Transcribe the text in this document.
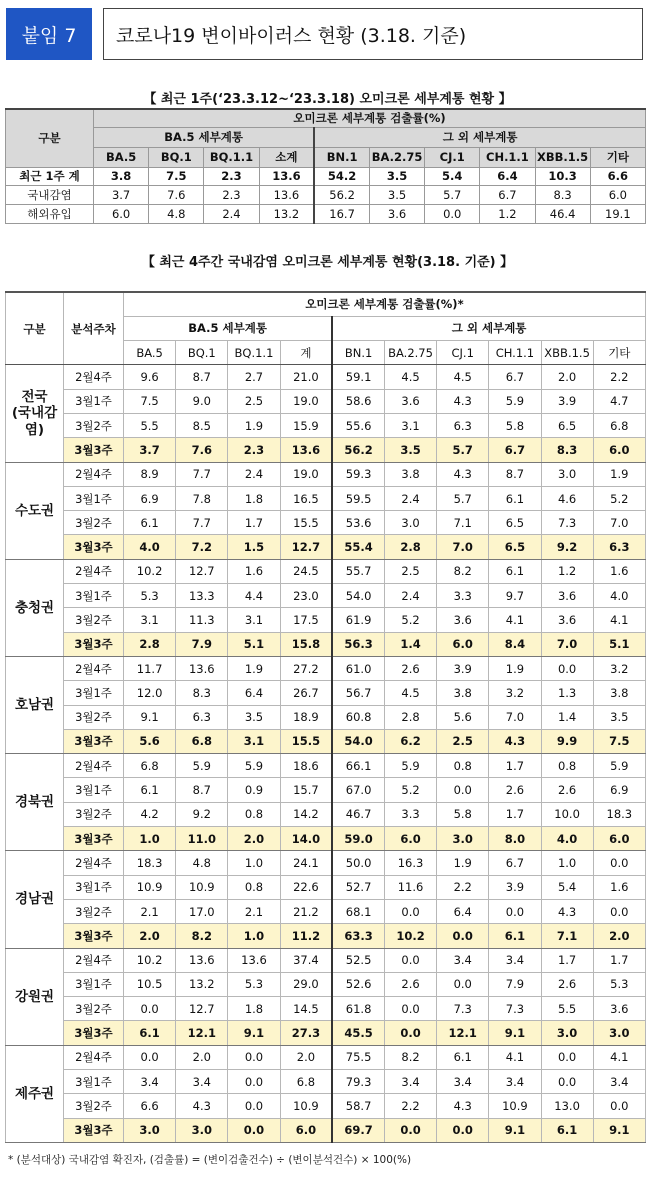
붙임 7	코로나19 변이바이러스 현황 (3.18. 기준)
【 최근 1주(‘23.3.12~‘23.3.18) 오미크론 세부계통 현황 】
구분	오미크론 세부계통 검출률(%)									
	BA.5 세부계통				그 외 세부계통					
	BA.5	BQ.1	BQ.1.1	소계	BN.1	BA.2.75	CJ.1	CH.1.1	XBB.1.5	기타
최근 1주 계	3.8	7.5	2.3	13.6	54.2	3.5	5.4	6.4	10.3	6.6
국내감염	3.7	7.6	2.3	13.6	56.2	3.5	5.7	6.7	8.3	6.0
해외유입	6.0	4.8	2.4	13.2	16.7	3.6	0.0	1.2	46.4	19.1
【 최근 4주간 국내감염 오미크론 세부계통 현황(3.18. 기준) 】
구분	분석주차	오미크론 세부계통 검출률(%)*									
		BA.5 세부계통				그 외 세부계통					
		BA.5	BQ.1	BQ.1.1	계	BN.1	BA.2.75	CJ.1	CH.1.1	XBB.1.5	기타
전국
(국내감염)	2월4주	9.6	8.7	2.7	21.0	59.1	4.5	4.5	6.7	2.0	2.2
	3월1주	7.5	9.0	2.5	19.0	58.6	3.6	4.3	5.9	3.9	4.7
	3월2주	5.5	8.5	1.9	15.9	55.6	3.1	6.3	5.8	6.5	6.8
	3월3주	3.7	7.6	2.3	13.6	56.2	3.5	5.7	6.7	8.3	6.0
수도권	2월4주	8.9	7.7	2.4	19.0	59.3	3.8	4.3	8.7	3.0	1.9
	3월1주	6.9	7.8	1.8	16.5	59.5	2.4	5.7	6.1	4.6	5.2
	3월2주	6.1	7.7	1.7	15.5	53.6	3.0	7.1	6.5	7.3	7.0
	3월3주	4.0	7.2	1.5	12.7	55.4	2.8	7.0	6.5	9.2	6.3
충청권	2월4주	10.2	12.7	1.6	24.5	55.7	2.5	8.2	6.1	1.2	1.6
	3월1주	5.3	13.3	4.4	23.0	54.0	2.4	3.3	9.7	3.6	4.0
	3월2주	3.1	11.3	3.1	17.5	61.9	5.2	3.6	4.1	3.6	4.1
	3월3주	2.8	7.9	5.1	15.8	56.3	1.4	6.0	8.4	7.0	5.1
호남권	2월4주	11.7	13.6	1.9	27.2	61.0	2.6	3.9	1.9	0.0	3.2
	3월1주	12.0	8.3	6.4	26.7	56.7	4.5	3.8	3.2	1.3	3.8
	3월2주	9.1	6.3	3.5	18.9	60.8	2.8	5.6	7.0	1.4	3.5
	3월3주	5.6	6.8	3.1	15.5	54.0	6.2	2.5	4.3	9.9	7.5
경북권	2월4주	6.8	5.9	5.9	18.6	66.1	5.9	0.8	1.7	0.8	5.9
	3월1주	6.1	8.7	0.9	15.7	67.0	5.2	0.0	2.6	2.6	6.9
	3월2주	4.2	9.2	0.8	14.2	46.7	3.3	5.8	1.7	10.0	18.3
	3월3주	1.0	11.0	2.0	14.0	59.0	6.0	3.0	8.0	4.0	6.0
경남권	2월4주	18.3	4.8	1.0	24.1	50.0	16.3	1.9	6.7	1.0	0.0
	3월1주	10.9	10.9	0.8	22.6	52.7	11.6	2.2	3.9	5.4	1.6
	3월2주	2.1	17.0	2.1	21.2	68.1	0.0	6.4	0.0	4.3	0.0
	3월3주	2.0	8.2	1.0	11.2	63.3	10.2	0.0	6.1	7.1	2.0
강원권	2월4주	10.2	13.6	13.6	37.4	52.5	0.0	3.4	3.4	1.7	1.7
	3월1주	10.5	13.2	5.3	29.0	52.6	2.6	0.0	7.9	2.6	5.3
	3월2주	0.0	12.7	1.8	14.5	61.8	0.0	7.3	7.3	5.5	3.6
	3월3주	6.1	12.1	9.1	27.3	45.5	0.0	12.1	9.1	3.0	3.0
제주권	2월4주	0.0	2.0	0.0	2.0	75.5	8.2	6.1	4.1	0.0	4.1
	3월1주	3.4	3.4	0.0	6.8	79.3	3.4	3.4	3.4	0.0	3.4
	3월2주	6.6	4.3	0.0	10.9	58.7	2.2	4.3	10.9	13.0	0.0
	3월3주	3.0	3.0	0.0	6.0	69.7	0.0	0.0	9.1	6.1	9.1
* (분석대상) 국내감염 확진자, (검출률) = (변이검출건수) ÷ (변이분석건수) × 100(%)
